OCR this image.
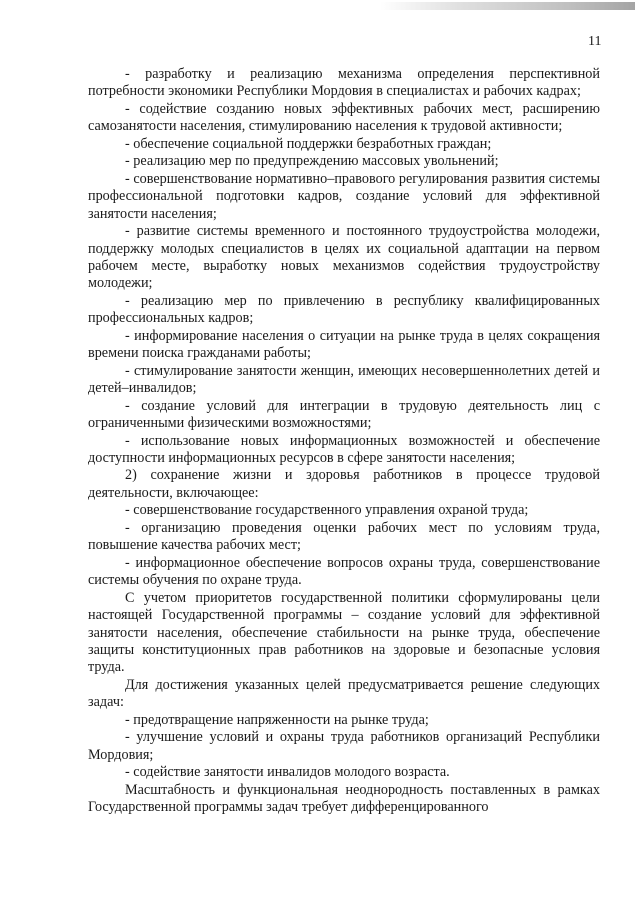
11

- разработку и реализацию механизма определения перспективной потребности экономики Республики Мордовия в специалистах и рабочих кадрах;

- содействие созданию новых эффективных рабочих мест, расширению самозанятости населения, стимулированию населения к трудовой активности;

- обеспечение социальной поддержки безработных граждан;

- реализацию мер по предупреждению массовых увольнений;

- совершенствование нормативно–правового регулирования развития системы профессиональной подготовки кадров, создание условий для эффективной занятости населения;

- развитие системы временного и постоянного трудоустройства молодежи, поддержку молодых специалистов в целях их социальной адаптации на первом рабочем месте, выработку новых механизмов содействия трудоустройству молодежи;

- реализацию мер по привлечению в республику квалифицированных профессиональных кадров;

- информирование населения о ситуации на рынке труда в целях сокращения времени поиска гражданами работы;

- стимулирование занятости женщин, имеющих несовершеннолетних детей и детей–инвалидов;

- создание условий для интеграции в трудовую деятельность лиц с ограниченными физическими возможностями;

- использование новых информационных возможностей и обеспечение доступности информационных ресурсов в сфере занятости населения;

2) сохранение жизни и здоровья работников в процессе трудовой деятельности, включающее:

- совершенствование государственного управления охраной труда;

- организацию проведения оценки рабочих мест по условиям труда, повышение качества рабочих мест;

- информационное обеспечение вопросов охраны труда, совершенствование системы обучения по охране труда.

С учетом приоритетов государственной политики сформулированы цели настоящей Государственной программы – создание условий для эффективной занятости населения, обеспечение стабильности на рынке труда, обеспечение защиты конституционных прав работников на здоровые и безопасные условия труда.

Для достижения указанных целей предусматривается решение следующих задач:

- предотвращение напряженности на рынке труда;

- улучшение условий и охраны труда работников организаций Республики Мордовия;

- содействие занятости инвалидов молодого возраста.

Масштабность и функциональная неоднородность поставленных в рамках Государственной программы задач требует дифференцированного
